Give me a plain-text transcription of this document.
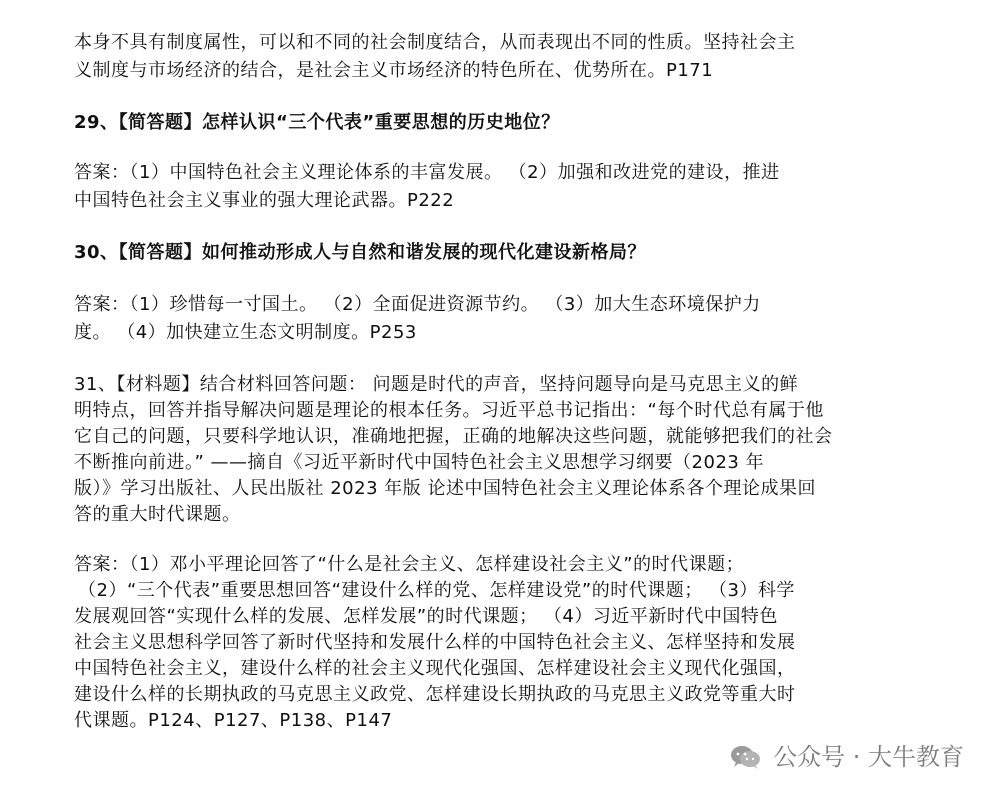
本身不具有制度属性，可以和不同的社会制度结合，从而表现出不同的性质。坚持社会主
义制度与市场经济的结合，是社会主义市场经济的特色所在、优势所在。P171
29、【简答题】怎样认识“三个代表”重要思想的历史地位？
答案：（1）中国特色社会主义理论体系的丰富发展。 （2）加强和改进党的建设，推进
中国特色社会主义事业的强大理论武器。P222
30、【简答题】如何推动形成人与自然和谐发展的现代化建设新格局？
答案：（1）珍惜每一寸国土。 （2）全面促进资源节约。 （3）加大生态环境保护力
度。 （4）加快建立生态文明制度。P253
31、【材料题】结合材料回答问题： 问题是时代的声音，坚持问题导向是马克思主义的鲜
明特点，回答并指导解决问题是理论的根本任务。习近平总书记指出：“每个时代总有属于他
它自己的问题，只要科学地认识，准确地把握，正确的地解决这些问题，就能够把我们的社会
不断推向前进。” ——摘自《习近平新时代中国特色社会主义思想学习纲要（2023 年
版）》学习出版社、人民出版社 2023 年版 论述中国特色社会主义理论体系各个理论成果回
答的重大时代课题。
答案：（1）邓小平理论回答了“什么是社会主义、怎样建设社会主义”的时代课题；
（2）“三个代表”重要思想回答“建设什么样的党、怎样建设党”的时代课题； （3）科学
发展观回答“实现什么样的发展、怎样发展”的时代课题； （4）习近平新时代中国特色
社会主义思想科学回答了新时代坚持和发展什么样的中国特色社会主义、怎样坚持和发展
中国特色社会主义，建设什么样的社会主义现代化强国、怎样建设社会主义现代化强国，
建设什么样的长期执政的马克思主义政党、怎样建设长期执政的马克思主义政党等重大时
代课题。P124、P127、P138、P147
公众号 · 大牛教育
